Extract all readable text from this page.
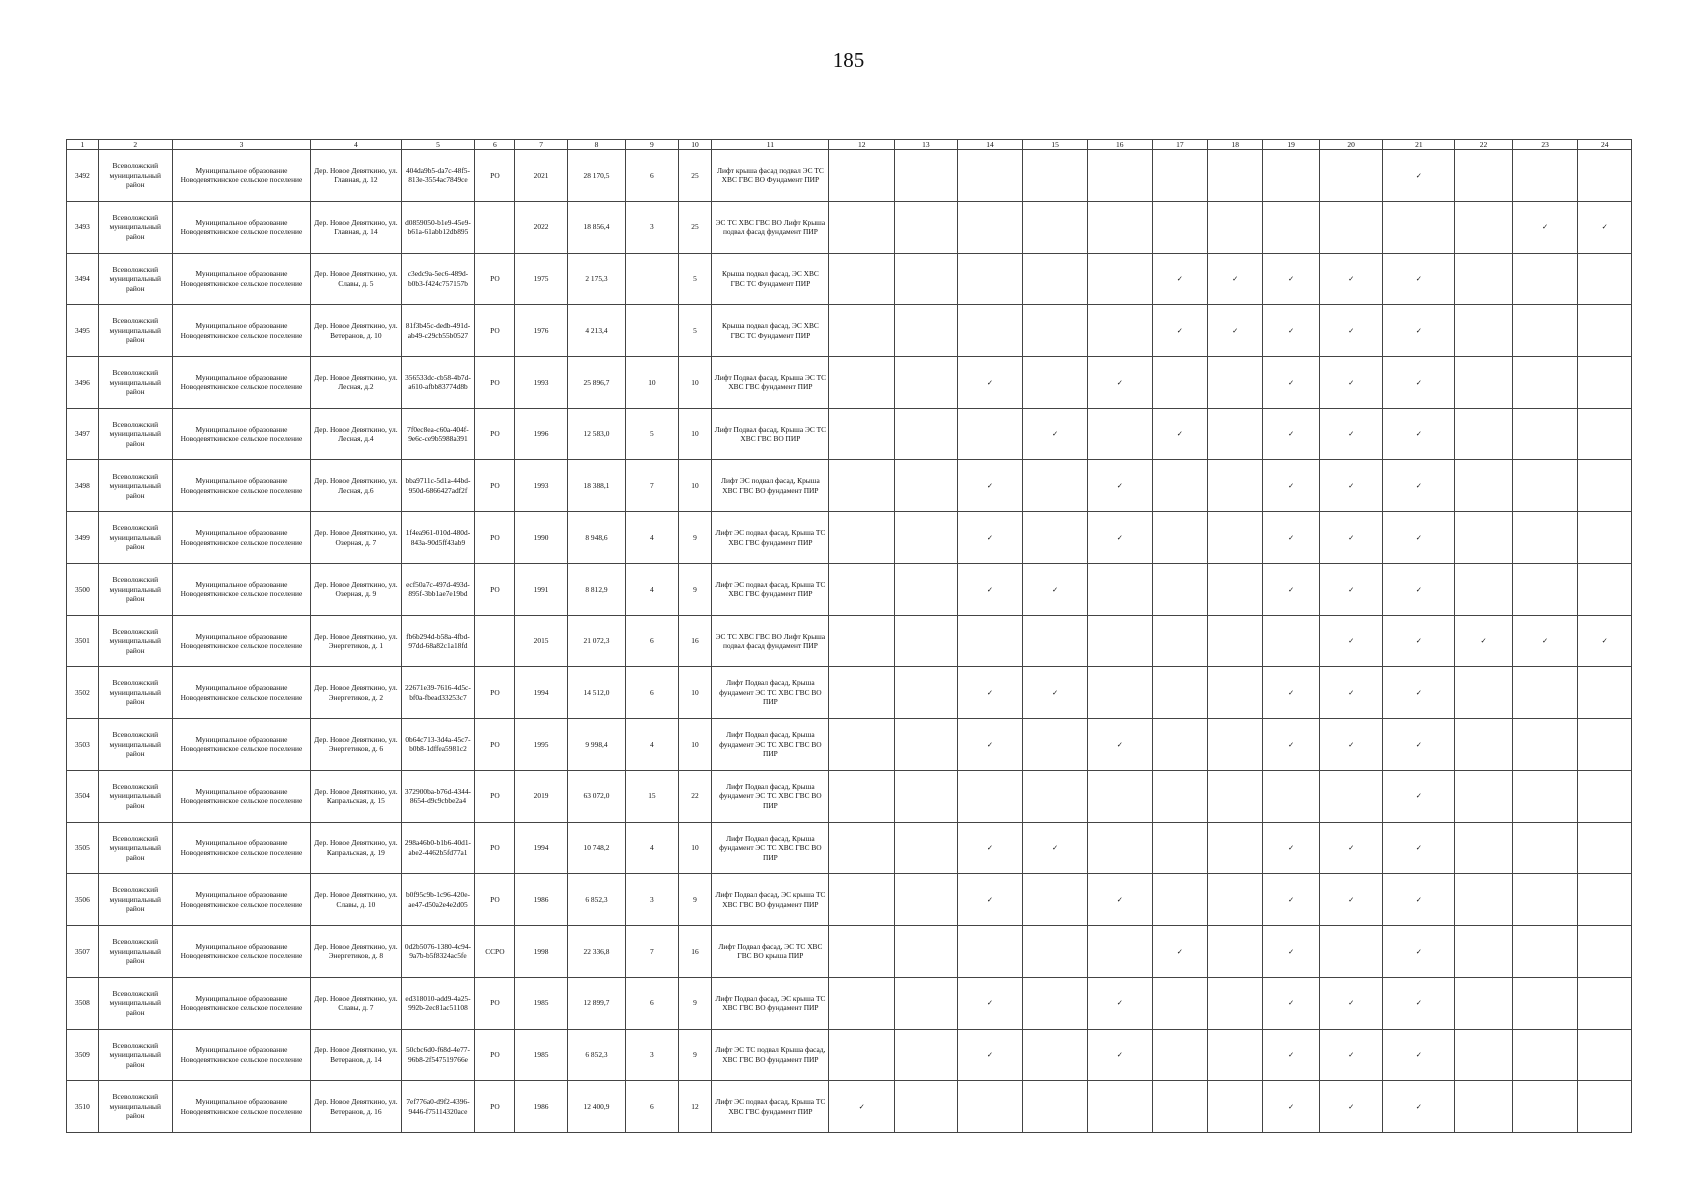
185
1	2	3	4	5	6	7	8	9	10	11	12	13	14	15	16	17	18	19	20	21	22	23	24
3492	Всеволожский муниципальный район	Муниципальное образование Новодевяткинское сельское поселение	Дер. Новое Девяткино, ул. Главная, д. 12	404da9b5-da7c-48f5-813e-3554ac7849ce	РО	2021	28 170,5	6	25	Лифт крыша фасад подвал ЭС ТС ХВС ГВС ВО Фундамент ПИР										✓			
3493	Всеволожский муниципальный район	Муниципальное образование Новодевяткинское сельское поселение	Дер. Новое Девяткино, ул. Главная, д. 14	d0859050-b1e9-45e9-b61a-61abb12db895		2022	18 856,4	3	25	ЭС ТС ХВС ГВС ВО Лифт Крыша подвал фасад фундамент ПИР												✓	✓
3494	Всеволожский муниципальный район	Муниципальное образование Новодевяткинское сельское поселение	Дер. Новое Девяткино, ул. Славы, д. 5	c3edc9a-5ec6-489d-b0b3-f424c757157b	РО	1975	2 175,3		5	Крыша подвал фасад, ЭС ХВС ГВС ТС Фундамент ПИР						✓	✓	✓	✓	✓			
3495	Всеволожский муниципальный район	Муниципальное образование Новодевяткинское сельское поселение	Дер. Новое Девяткино, ул. Ветеранов, д. 10	81f3b45c-dedb-491d-ab49-c29cb55b0527	РО	1976	4 213,4		5	Крыша подвал фасад, ЭС ХВС ГВС ТС Фундамент ПИР						✓	✓	✓	✓	✓			
3496	Всеволожский муниципальный район	Муниципальное образование Новодевяткинское сельское поселение	Дер. Новое Девяткино, ул. Лесная, д.2	356533dc-cb58-4b7d-a610-afbb83774d8b	РО	1993	25 896,7	10	10	Лифт Подвал фасад, Крыша ЭС ТС ХВС ГВС фундамент ПИР			✓		✓			✓	✓	✓			
3497	Всеволожский муниципальный район	Муниципальное образование Новодевяткинское сельское поселение	Дер. Новое Девяткино, ул. Лесная, д.4	7f0ec8ea-c60a-404f-9e6c-ce9b5988a391	РО	1996	12 583,0	5	10	Лифт Подвал фасад, Крыша ЭС ТС ХВС ГВС ВО ПИР				✓		✓		✓	✓	✓			
3498	Всеволожский муниципальный район	Муниципальное образование Новодевяткинское сельское поселение	Дер. Новое Девяткино, ул. Лесная, д.6	bba9711c-5d1a-44bd-950d-6866427adf2f	РО	1993	18 388,1	7	10	Лифт ЭС подвал фасад, Крыша ХВС ГВС ВО фундамент ПИР			✓		✓			✓	✓	✓			
3499	Всеволожский муниципальный район	Муниципальное образование Новодевяткинское сельское поселение	Дер. Новое Девяткино, ул. Озерная, д. 7	1f4ea961-010d-480d-843a-90d5ff43ab9	РО	1990	8 948,6	4	9	Лифт ЭС подвал фасад, Крыша ТС ХВС ГВС фундамент ПИР			✓		✓			✓	✓	✓			
3500	Всеволожский муниципальный район	Муниципальное образование Новодевяткинское сельское поселение	Дер. Новое Девяткино, ул. Озерная, д. 9	ecf50a7c-497d-493d-895f-3bb1ae7e19bd	РО	1991	8 812,9	4	9	Лифт ЭС подвал фасад, Крыша ТС ХВС ГВС фундамент ПИР			✓	✓				✓	✓	✓			
3501	Всеволожский муниципальный район	Муниципальное образование Новодевяткинское сельское поселение	Дер. Новое Девяткино, ул. Энергетиков, д. 1	fb6b294d-b58a-4fbd-97dd-68a82c1a18fd		2015	21 072,3	6	16	ЭС ТС ХВС ГВС ВО Лифт Крыша подвал фасад фундамент ПИР									✓	✓	✓	✓	✓
3502	Всеволожский муниципальный район	Муниципальное образование Новодевяткинское сельское поселение	Дер. Новое Девяткино, ул. Энергетиков, д. 2	22671e39-7616-4d5c-bf0a-fbead33253c7	РО	1994	14 512,0	6	10	Лифт Подвал фасад, Крыша фундамент ЭС ТС ХВС ГВС ВО ПИР			✓	✓				✓	✓	✓			
3503	Всеволожский муниципальный район	Муниципальное образование Новодевяткинское сельское поселение	Дер. Новое Девяткино, ул. Энергетиков, д. 6	0b64c713-3d4a-45c7-b0b8-1dffea5981c2	РО	1995	9 998,4	4	10	Лифт Подвал фасад, Крыша фундамент ЭС ТС ХВС ГВС ВО ПИР			✓		✓			✓	✓	✓			
3504	Всеволожский муниципальный район	Муниципальное образование Новодевяткинское сельское поселение	Дер. Новое Девяткино, ул. Капральская, д. 15	372900ba-b76d-4344-8654-d9c9cbbe2a4	РО	2019	63 072,0	15	22	Лифт Подвал фасад, Крыша фундамент ЭС ТС ХВС ГВС ВО ПИР										✓			
3505	Всеволожский муниципальный район	Муниципальное образование Новодевяткинское сельское поселение	Дер. Новое Девяткино, ул. Капральская, д. 19	298a46b0-b1b6-40d1-abe2-4462b5fd77a1	РО	1994	10 748,2	4	10	Лифт Подвал фасад, Крыша фундамент ЭС ТС ХВС ГВС ВО ПИР			✓	✓				✓	✓	✓			
3506	Всеволожский муниципальный район	Муниципальное образование Новодевяткинское сельское поселение	Дер. Новое Девяткино, ул. Славы, д. 10	b0f95c9b-1c96-420e-ae47-d50a2e4e2d05	РО	1986	6 852,3	3	9	Лифт Подвал фасад, ЭС крыша ТС ХВС ГВС ВО фундамент ПИР			✓		✓			✓	✓	✓			
3507	Всеволожский муниципальный район	Муниципальное образование Новодевяткинское сельское поселение	Дер. Новое Девяткино, ул. Энергетиков, д. 8	0d2b5076-1380-4c94-9a7b-b5f8324ac5fe	ССРО	1998	22 336,8	7	16	Лифт Подвал фасад, ЭС ТС ХВС ГВС ВО крыша ПИР						✓		✓		✓			
3508	Всеволожский муниципальный район	Муниципальное образование Новодевяткинское сельское поселение	Дер. Новое Девяткино, ул. Славы, д. 7	ed318010-add9-4a25-992b-2ec81ac51108	РО	1985	12 899,7	6	9	Лифт Подвал фасад, ЭС крыша ТС ХВС ГВС ВО фундамент ПИР			✓		✓			✓	✓	✓			
3509	Всеволожский муниципальный район	Муниципальное образование Новодевяткинское сельское поселение	Дер. Новое Девяткино, ул. Ветеранов, д. 14	50cbc6d0-f68d-4e77-96b8-2f547519766e	РО	1985	6 852,3	3	9	Лифт ЭС ТС подвал Крыша фасад, ХВС ГВС ВО фундамент ПИР			✓		✓			✓	✓	✓			
3510	Всеволожский муниципальный район	Муниципальное образование Новодевяткинское сельское поселение	Дер. Новое Девяткино, ул. Ветеранов, д. 16	7ef776a0-d9f2-4396-9446-f75114320ace	РО	1986	12 400,9	6	12	Лифт ЭС подвал фасад, Крыша ТС ХВС ГВС фундамент ПИР	✓							✓	✓	✓			
